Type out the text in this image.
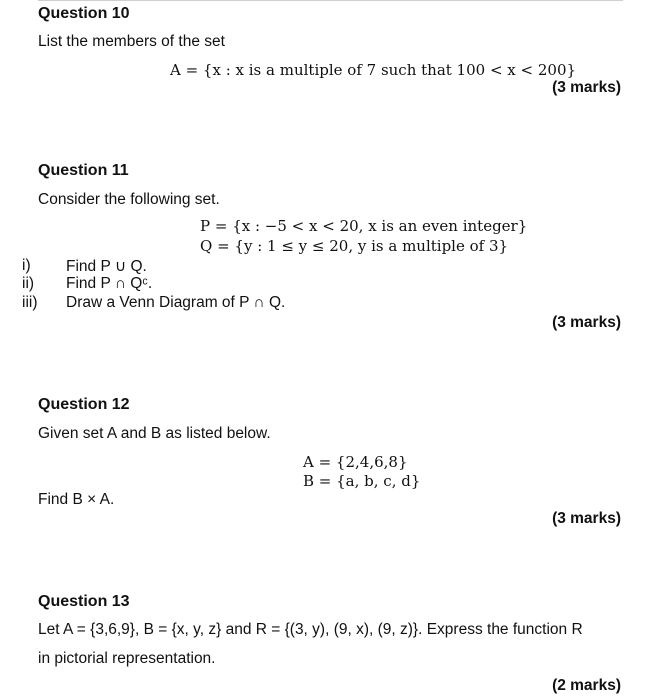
Question 10
List the members of the set
A = {x : x is a multiple of 7 such that 100 < x < 200}
(3 marks)
Question 11
Consider the following set.
P = {x : −5 < x < 20, x is an even integer}
Q = {y : 1 ≤ y ≤ 20, y is a multiple of 3}
i) Find P ∪ Q.
ii) Find P ∩ Qᶜ.
iii) Draw a Venn Diagram of P ∩ Q.
(3 marks)
Question 12
Given set A and B as listed below.
A = {2,4,6,8}
B = {a, b, c, d}
Find B × A.
(3 marks)
Question 13
Let A = {3,6,9}, B = {x, y, z} and R = {(3, y), (9, x), (9, z)}. Express the function R
in pictorial representation.
(2 marks)
